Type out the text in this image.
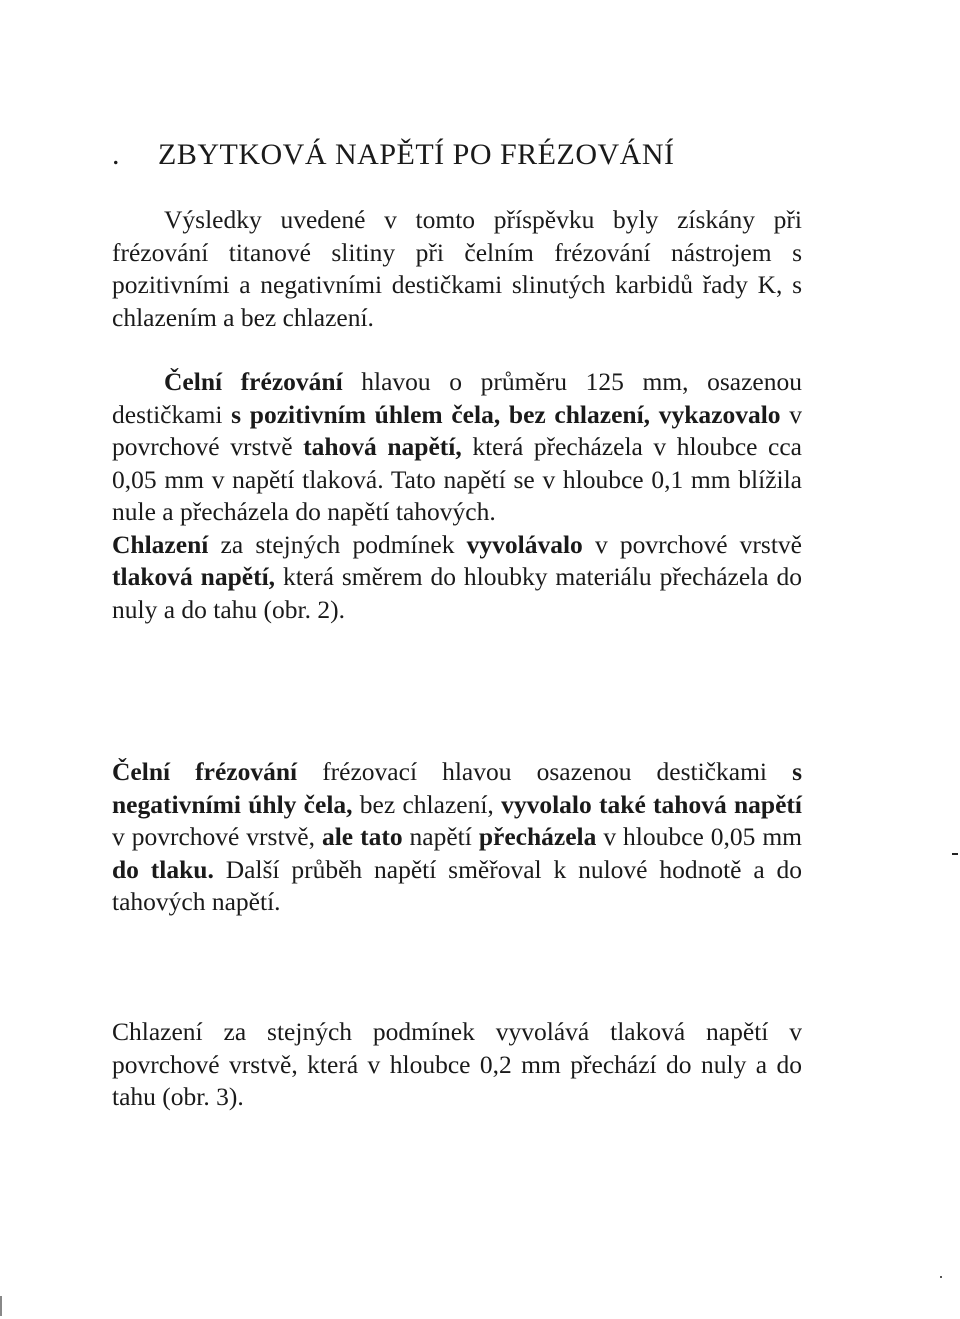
. ZBYTKOVÁ NAPĚTÍ PO FRÉZOVÁNÍ

Výsledky uvedené v tomto příspěvku byly získány při frézování titanové slitiny při čelním frézování nástrojem s pozitivními a negativními destičkami slinutých karbidů řady K, s chlazením a bez chlazení.

Čelní frézování hlavou o průměru 125 mm, osazenou destičkami s pozitivním úhlem čela, bez chlazení, vykazovalo v povrchové vrstvě tahová napětí, která přecházela v hloubce cca 0,05 mm v napětí tlaková. Tato napětí se v hloubce 0,1 mm blížila nule a přecházela do napětí tahových.

Chlazení za stejných podmínek vyvolávalo v povrchové vrstvě tlaková napětí, která směrem do hloubky materiálu přecházela do nuly a do tahu (obr. 2).

Čelní frézování frézovací hlavou osazenou destičkami s negativními úhly čela, bez chlazení, vyvolalo také tahová napětí v povrchové vrstvě, ale tato napětí přecházela v hloubce 0,05 mm do tlaku. Další průběh napětí směřoval k nulové hodnotě a do tahových napětí.

Chlazení za stejných podmínek vyvolává tlaková napětí v povrchové vrstvě, která v hloubce 0,2 mm přechází do nuly a do tahu (obr. 3).
